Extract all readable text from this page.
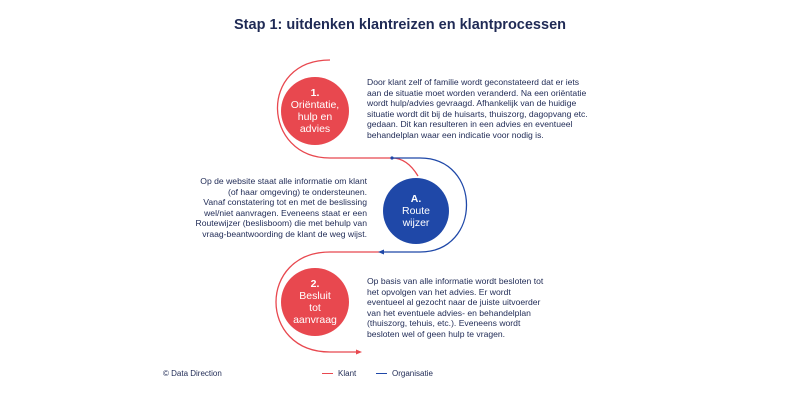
Stap 1: uitdenken klantreizen en klantprocessen
1.
Oriëntatie,
hulp en
advies
A.
Route
wijzer
2.
Besluit
tot
aanvraag
Door klant zelf of familie wordt geconstateerd dat er iets
aan de situatie moet worden veranderd. Na een oriëntatie
wordt hulp/advies gevraagd. Afhankelijk van de huidige
situatie wordt dit bij de huisarts, thuiszorg, dagopvang etc.
gedaan. Dit kan resulteren in een advies en eventueel
behandelplan waar een indicatie voor nodig is.
Op de website staat alle informatie om klant
(of haar omgeving) te ondersteunen.
Vanaf constatering tot en met de beslissing
wel/niet aanvragen. Eveneens staat er een
Routewijzer (beslisboom) die met behulp van
vraag-beantwoording de klant de weg wijst.
Op basis van alle informatie wordt besloten tot
het opvolgen van het advies. Er wordt
eventueel al gezocht naar de juiste uitvoerder
van het eventuele advies- en behandelplan
(thuiszorg, tehuis, etc.). Eveneens wordt
besloten wel of geen hulp te vragen.
© Data Direction	Klant	Organisatie
